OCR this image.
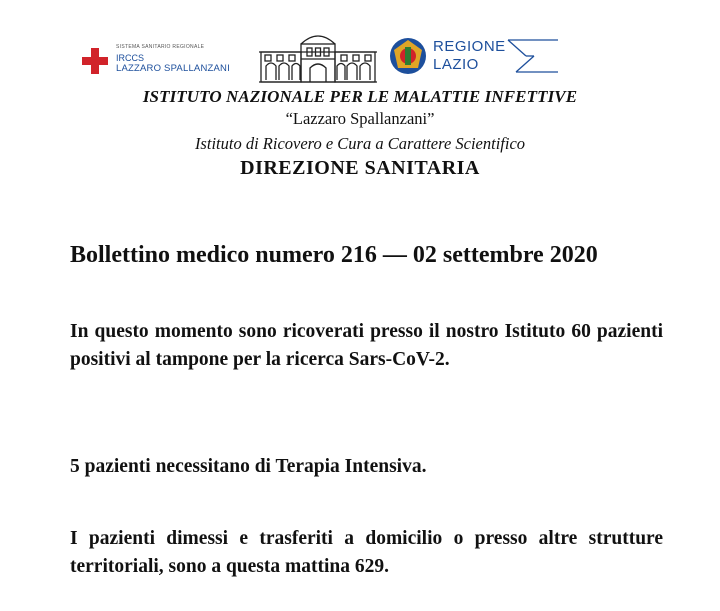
SISTEMA SANITARIO REGIONALE
IRCCS
LAZZARO SPALLANZANI
REGIONE
LAZIO
ISTITUTO NAZIONALE PER LE MALATTIE INFETTIVE
“Lazzaro Spallanzani”
Istituto di Ricovero e Cura a Carattere Scientifico
DIREZIONE SANITARIA
Bollettino medico numero 216 — 02 settembre 2020
In questo momento sono ricoverati presso il nostro Istituto 60 pazienti positivi al tampone per la ricerca Sars-CoV-2.
5 pazienti necessitano di Terapia Intensiva.
I pazienti dimessi e trasferiti a domicilio o presso altre strutture territoriali, sono a questa mattina 629.
